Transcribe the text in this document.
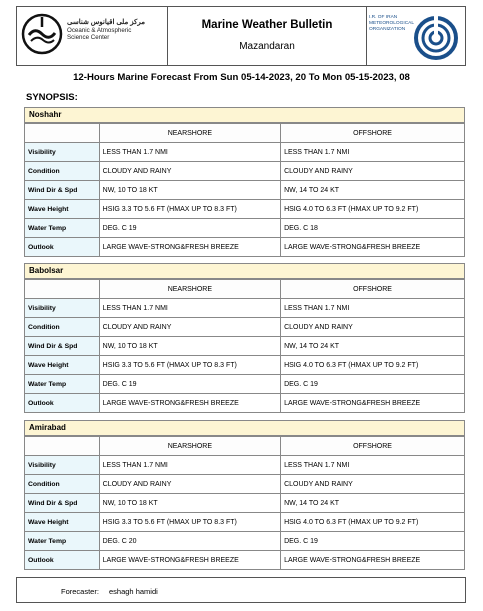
مرکز ملی اقیانوس شناسی
Oceanic & Atmospheric
Science Center
Marine Weather Bulletin
Mazandaran
I.R. OF IRAN
METEOROLOGICAL
ORGANIZATION
12-Hours Marine Forecast From Sun 05-14-2023, 20 To Mon 05-15-2023, 08
SYNOPSIS:
Noshahr
	NEARSHORE	OFFSHORE
Visibility	LESS THAN 1.7 NMI	LESS THAN 1.7 NMI
Condition	CLOUDY AND RAINY	CLOUDY AND RAINY
Wind Dir & Spd	NW, 10 TO 18 KT	NW, 14 TO 24 KT
Wave Height	HSIG 3.3 TO 5.6 FT (HMAX UP TO 8.3 FT)	HSIG 4.0 TO 6.3 FT (HMAX UP TO 9.2 FT)
Water Temp	DEG. C 19	DEG. C 18
Outlook	LARGE WAVE-STRONG&FRESH BREEZE	LARGE WAVE-STRONG&FRESH BREEZE
Babolsar
	NEARSHORE	OFFSHORE
Visibility	LESS THAN 1.7 NMI	LESS THAN 1.7 NMI
Condition	CLOUDY AND RAINY	CLOUDY AND RAINY
Wind Dir & Spd	NW, 10 TO 18 KT	NW, 14 TO 24 KT
Wave Height	HSIG 3.3 TO 5.6 FT (HMAX UP TO 8.3 FT)	HSIG 4.0 TO 6.3 FT (HMAX UP TO 9.2 FT)
Water Temp	DEG. C 19	DEG. C 19
Outlook	LARGE WAVE-STRONG&FRESH BREEZE	LARGE WAVE-STRONG&FRESH BREEZE
Amirabad
	NEARSHORE	OFFSHORE
Visibility	LESS THAN 1.7 NMI	LESS THAN 1.7 NMI
Condition	CLOUDY AND RAINY	CLOUDY AND RAINY
Wind Dir & Spd	NW, 10 TO 18 KT	NW, 14 TO 24 KT
Wave Height	HSIG 3.3 TO 5.6 FT (HMAX UP TO 8.3 FT)	HSIG 4.0 TO 6.3 FT (HMAX UP TO 9.2 FT)
Water Temp	DEG. C 20	DEG. C 19
Outlook	LARGE WAVE-STRONG&FRESH BREEZE	LARGE WAVE-STRONG&FRESH BREEZE
Forecaster: eshagh hamidi
